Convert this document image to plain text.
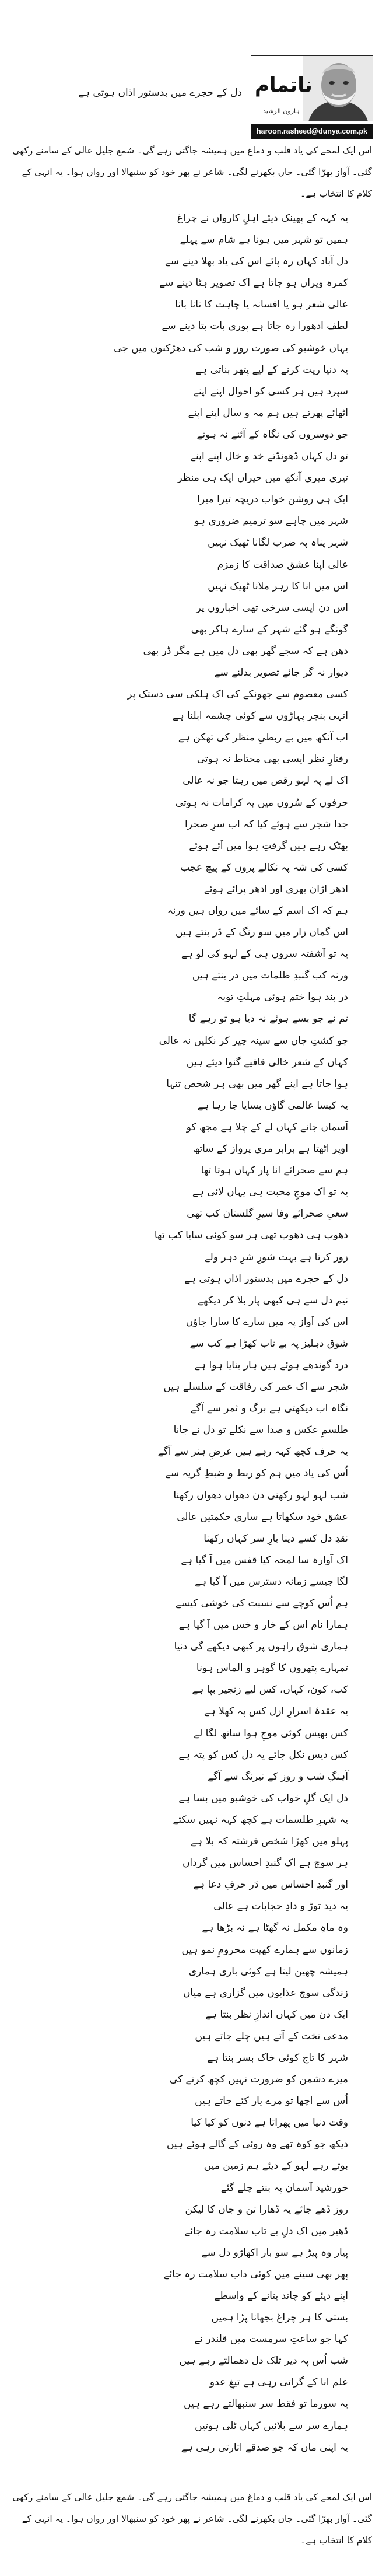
ناتمام
ہارون الرشید
haroon.rasheed@dunya.com.pk
دل کے حجرے میں بدستور اذاں ہوتی ہے
اس ایک لمحے کی یاد قلب و دماغ میں ہمیشہ جاگتی رہے گی۔ شمع جلیل عالی کے سامنے رکھی گئی۔ آواز بھرّا گئی۔ جاں بکھرنے لگی۔ شاعر نے پھر خود کو سنبھالا اور رواں ہوا۔ یہ انہی کے کلام کا انتخاب ہے۔
یہ کہہ کے پھینک دیئے اہلِ کارواں نے چراغ
ہمیں تو شہر میں ہونا ہے شام سے پہلے
دل آباد کہاں رہ پائے اس کی یاد بھلا دینے سے
کمرہ ویراں ہو جاتا ہے اک تصویر ہٹا دینے سے
عالی شعر ہو یا افسانہ یا چاہت کا تانا بانا
لطف ادھورا رہ جاتا ہے پوری بات بتا دینے سے
یہاں خوشبو کی صورت روز و شب کی دھڑکنوں میں جی
یہ دنیا ریت کرنے کے لیے پتھر بناتی ہے
سپرد ہیں ہر کسی کو احوال اپنے اپنے
اٹھائے پھرتے ہیں ہم مہ و سال اپنے اپنے
جو دوسروں کی نگاہ کے آئنے نہ ہوتے
تو دل کہاں ڈھونڈتے خد و خال اپنے اپنے
تیری میری آنکھ میں حیراں ایک ہی منظر
ایک ہی روشن خواب دریچہ تیرا میرا
شہر میں چاہے سو ترمیم ضروری ہو
شہر پناہ پہ ضرب لگانا ٹھیک نہیں
عالی اپنا عشق صداقت کا زمزم
اس میں انا کا زہر ملانا ٹھیک نہیں
اس دن ایسی سرخی تھی اخباروں پر
گونگے ہو گئے شہر کے سارے ہاکر بھی
دھن ہے کہ سجے گھر بھی دل میں ہے مگر ڈر بھی
دیوار نہ گر جائے تصویر بدلنے سے
کسی معصوم سے جھونکے کی اک ہلکی سی دستک پر
انہی بنجر پہاڑوں سے کوئی چشمہ ابلنا ہے
اب آنکھ میں بے ربطیِ منظر کی تھکن ہے
رفتارِ نظر ایسی بھی محتاط نہ ہوتی
اک لے پہ لہو رقص میں رہتا جو نہ عالی
حرفوں کے سُروں میں یہ کرامات نہ ہوتی
جدا شجر سے ہوئے کیا کہ اب سرِ صحرا
بھٹک رہے ہیں گرفتِ ہوا میں آئے ہوئے
کسی کی شہ پہ نکالے پروں کے پیچ عجب
ادھر اڑان بھری اور ادھر پرائے ہوئے
ہم کہ اک اسم کے سائے میں رواں ہیں ورنہ
اس گماں زار میں سو رنگ کے ڈر بنتے ہیں
یہ تو آشفتہ سروں ہی کے لہو کی لو ہے
ورنہ کب گنبدِ ظلمات میں در بنتے ہیں
در بند ہوا ختم ہوئی مہلتِ توبہ
تم نے جو بسے ہوئے نہ دیا ہو تو رہے گا
جو کشتِ جاں سے سینہ چیر کر نکلیں نہ عالی
کہاں کے شعر خالی قافیے گنوا دیئے ہیں
ہوا جاتا ہے اپنے گھر میں بھی ہر شخص تنہا
یہ کیسا عالمی گاؤں بسایا جا رہا ہے
آسماں جانے کہاں لے کے چلا ہے مجھ کو
اوپر اٹھتا ہے برابر مری پرواز کے ساتھ
ہم سے صحرائے انا پار کہاں ہوتا تھا
یہ تو اک موجِ محبت ہی یہاں لائی ہے
سعیِ صحرائے وفا سیرِ گلستان کب تھی
دھوپ ہی دھوپ تھی ہر سو کوئی سایا کب تھا
زور کرتا ہے بہت شورِ شرِ دہر ولے
دل کے حجرے میں بدستور اذاں ہوتی ہے
نیم دل سے ہی کبھی پار بلا کر دیکھے
اس کی آواز پہ میں سارے کا سارا جاؤں
شوق دہلیز پہ بے تاب کھڑا ہے کب سے
درد گوندھے ہوئے ہیں ہار بنایا ہوا ہے
شجر سے اک عمر کی رفاقت کے سلسلے ہیں
نگاہ اب دیکھتی ہے برگ و ثمر سے آگے
طلسمِ عکس و صدا سے نکلے تو دل نے جانا
یہ حرف کچھ کہہ رہے ہیں عرضِ ہنر سے آگے
اُس کی یاد میں ہم کو ربط و ضبطِ گریہ سے
شب لہو لہو رکھنی دن دھواں دھواں رکھنا
عشق خود سکھاتا ہے ساری حکمتیں عالی
نقدِ دل کسے دینا بارِ سر کہاں رکھنا
اک آوارہ سا لمحہ کیا قفس میں آ گیا ہے
لگا جیسے زمانہ دسترس میں آ گیا ہے
ہم اُس کوچے سے نسبت کی خوشی کیسے
ہمارا نام اس کے خار و خس میں آ گیا ہے
ہماری شوق راہوں پر کبھی دیکھے گی دنیا
تمہارے پتھروں کا گوہر و الماس ہونا
کب، کون، کہاں، کس لیے زنجیر بپا ہے
یہ عقدۂ اسرارِ ازل کس پہ کھلا ہے
کس بھیس کوئی موجِ ہوا ساتھ لگا لے
کس دیس نکل جائے یہ دل کس کو پتہ ہے
آہنگِ شب و روز کے نیرنگ سے آگے
دل ایک گلِ خواب کی خوشبو میں بسا ہے
یہ شہرِ طلسمات ہے کچھ کہہ نہیں سکتے
پہلو میں کھڑا شخص فرشتہ کہ بلا ہے
ہر سوچ ہے اک گنبدِ احساس میں گرداں
اور گنبدِ احساس میں دَر حرفِ دعا ہے
یہ دید توڑ و دادِ حجابات ہے عالی
وہ ماہِ مکمل نہ گھٹا ہے نہ بڑھا ہے
زمانوں سے ہمارے کھیت محرومِ نمو ہیں
ہمیشہ چھین لیتا ہے کوئی باری ہماری
زندگی سوچ عذابوں میں گزاری ہے میاں
ایک دن میں کہاں اندازِ نظر بنتا ہے
مدعی تخت کے آتے ہیں چلے جاتے ہیں
شہر کا تاج کوئی خاک بسر بنتا ہے
میرے دشمن کو ضرورت نہیں کچھ کرنے کی
اُس سے اچھا تو مرے یار کئے جاتے ہیں
وقت دنیا میں پھراتا ہے دنوں کو کیا کیا
دیکھ جو کوہ تھے وہ روئی کے گالے ہوئے ہیں
بوتے رہے لہو کے دیئے ہم زمین میں
خورشید آسمان پہ بنتے چلے گئے
روز ڈھے جائے یہ ڈھارا تن و جاں کا لیکن
ڈھیر میں اک دلِ بے تاب سلامت رہ جائے
پیار وہ پیڑ ہے سو بار اکھاڑو دل سے
پھر بھی سینے میں کوئی داب سلامت رہ جائے
اپنے دیئے کو چاند بتانے کے واسطے
بستی کا ہر چراغ بجھانا پڑا ہمیں
کہا جو ساعتِ سرمست میں قلندر نے
شب اُس پہ دیر تلک دل دھمالتے رہے ہیں
علم انا کے گراتی رہی ہے تیغِ عدو
یہ سورما تو فقط سر سنبھالتے رہے ہیں
ہمارے سر سے بلائیں کہاں ٹلی ہوتیں
یہ اپنی ماں کہ جو صدقے اتارتی رہی ہے
اس ایک لمحے کی یاد قلب و دماغ میں ہمیشہ جاگتی رہے گی۔ شمع جلیل عالی کے سامنے رکھی گئی۔ آواز بھرّا گئی۔ جاں بکھرنے لگی۔ شاعر نے پھر خود کو سنبھالا اور رواں ہوا۔ یہ انہی کے کلام کا انتخاب ہے۔
